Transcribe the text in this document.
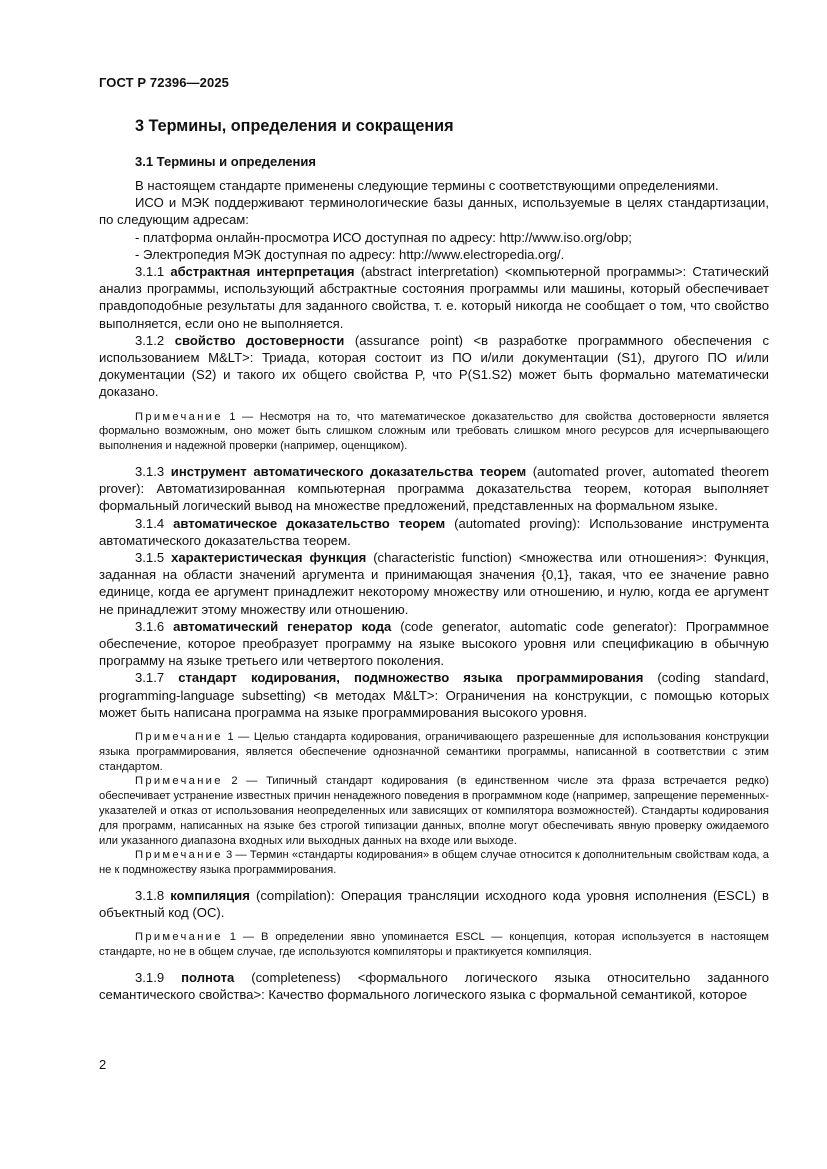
ГОСТ Р 72396—2025
3 Термины, определения и сокращения
3.1 Термины и определения

В настоящем стандарте применены следующие термины с соответствующими определениями.

ИСО и МЭК поддерживают терминологические базы данных, используемые в целях стандартизации, по следующим адресам:

- платформа онлайн-просмотра ИСО доступная по адресу: http://www.iso.org/obp;

- Электропедия МЭК доступная по адресу: http://www.electropedia.org/.

3.1.1 абстрактная интерпретация (abstract interpretation) <компьютерной программы>: Статический анализ программы, использующий абстрактные состояния программы или машины, который обеспечивает правдоподобные результаты для заданного свойства, т. е. который никогда не сообщает о том, что свойство выполняется, если оно не выполняется.

3.1.2 свойство достоверности (assurance point) <в разработке программного обеспечения с использованием M&LT>: Триада, которая состоит из ПО и/или документации (S1), другого ПО и/или документации (S2) и такого их общего свойства P, что P(S1.S2) может быть формально математически доказано.

Примечание 1 — Несмотря на то, что математическое доказательство для свойства достоверности является формально возможным, оно может быть слишком сложным или требовать слишком много ресурсов для исчерпывающего выполнения и надежной проверки (например, оценщиком).

3.1.3 инструмент автоматического доказательства теорем (automated prover, automated theorem prover): Автоматизированная компьютерная программа доказательства теорем, которая выполняет формальный логический вывод на множестве предложений, представленных на формальном языке.

3.1.4 автоматическое доказательство теорем (automated proving): Использование инструмента автоматического доказательства теорем.

3.1.5 характеристическая функция (characteristic function) <множества или отношения>: Функция, заданная на области значений аргумента и принимающая значения {0,1}, такая, что ее значение равно единице, когда ее аргумент принадлежит некоторому множеству или отношению, и нулю, когда ее аргумент не принадлежит этому множеству или отношению.

3.1.6 автоматический генератор кода (code generator, automatic code generator): Программное обеспечение, которое преобразует программу на языке высокого уровня или спецификацию в обычную программу на языке третьего или четвертого поколения.

3.1.7 стандарт кодирования, подмножество языка программирования (coding standard, programming-language subsetting) <в методах M&LT>: Ограничения на конструкции, с помощью которых может быть написана программа на языке программирования высокого уровня.

Примечание 1 — Целью стандарта кодирования, ограничивающего разрешенные для использования конструкции языка программирования, является обеспечение однозначной семантики программы, написанной в соответствии с этим стандартом.

Примечание 2 — Типичный стандарт кодирования (в единственном числе эта фраза встречается редко) обеспечивает устранение известных причин ненадежного поведения в программном коде (например, запрещение переменных-указателей и отказ от использования неопределенных или зависящих от компилятора возможностей). Стандарты кодирования для программ, написанных на языке без строгой типизации данных, вполне могут обеспечивать явную проверку ожидаемого или указанного диапазона входных или выходных данных на входе или выходе.

Примечание 3 — Термин «стандарты кодирования» в общем случае относится к дополнительным свойствам кода, а не к подмножеству языка программирования.

3.1.8 компиляция (compilation): Операция трансляции исходного кода уровня исполнения (ESCL) в объектный код (ОС).

Примечание 1 — В определении явно упоминается ESCL — концепция, которая используется в настоящем стандарте, но не в общем случае, где используются компиляторы и практикуется компиляция.

3.1.9 полнота (completeness) <формального логического языка относительно заданного семантического свойства>: Качество формального логического языка с формальной семантикой, которое

2
